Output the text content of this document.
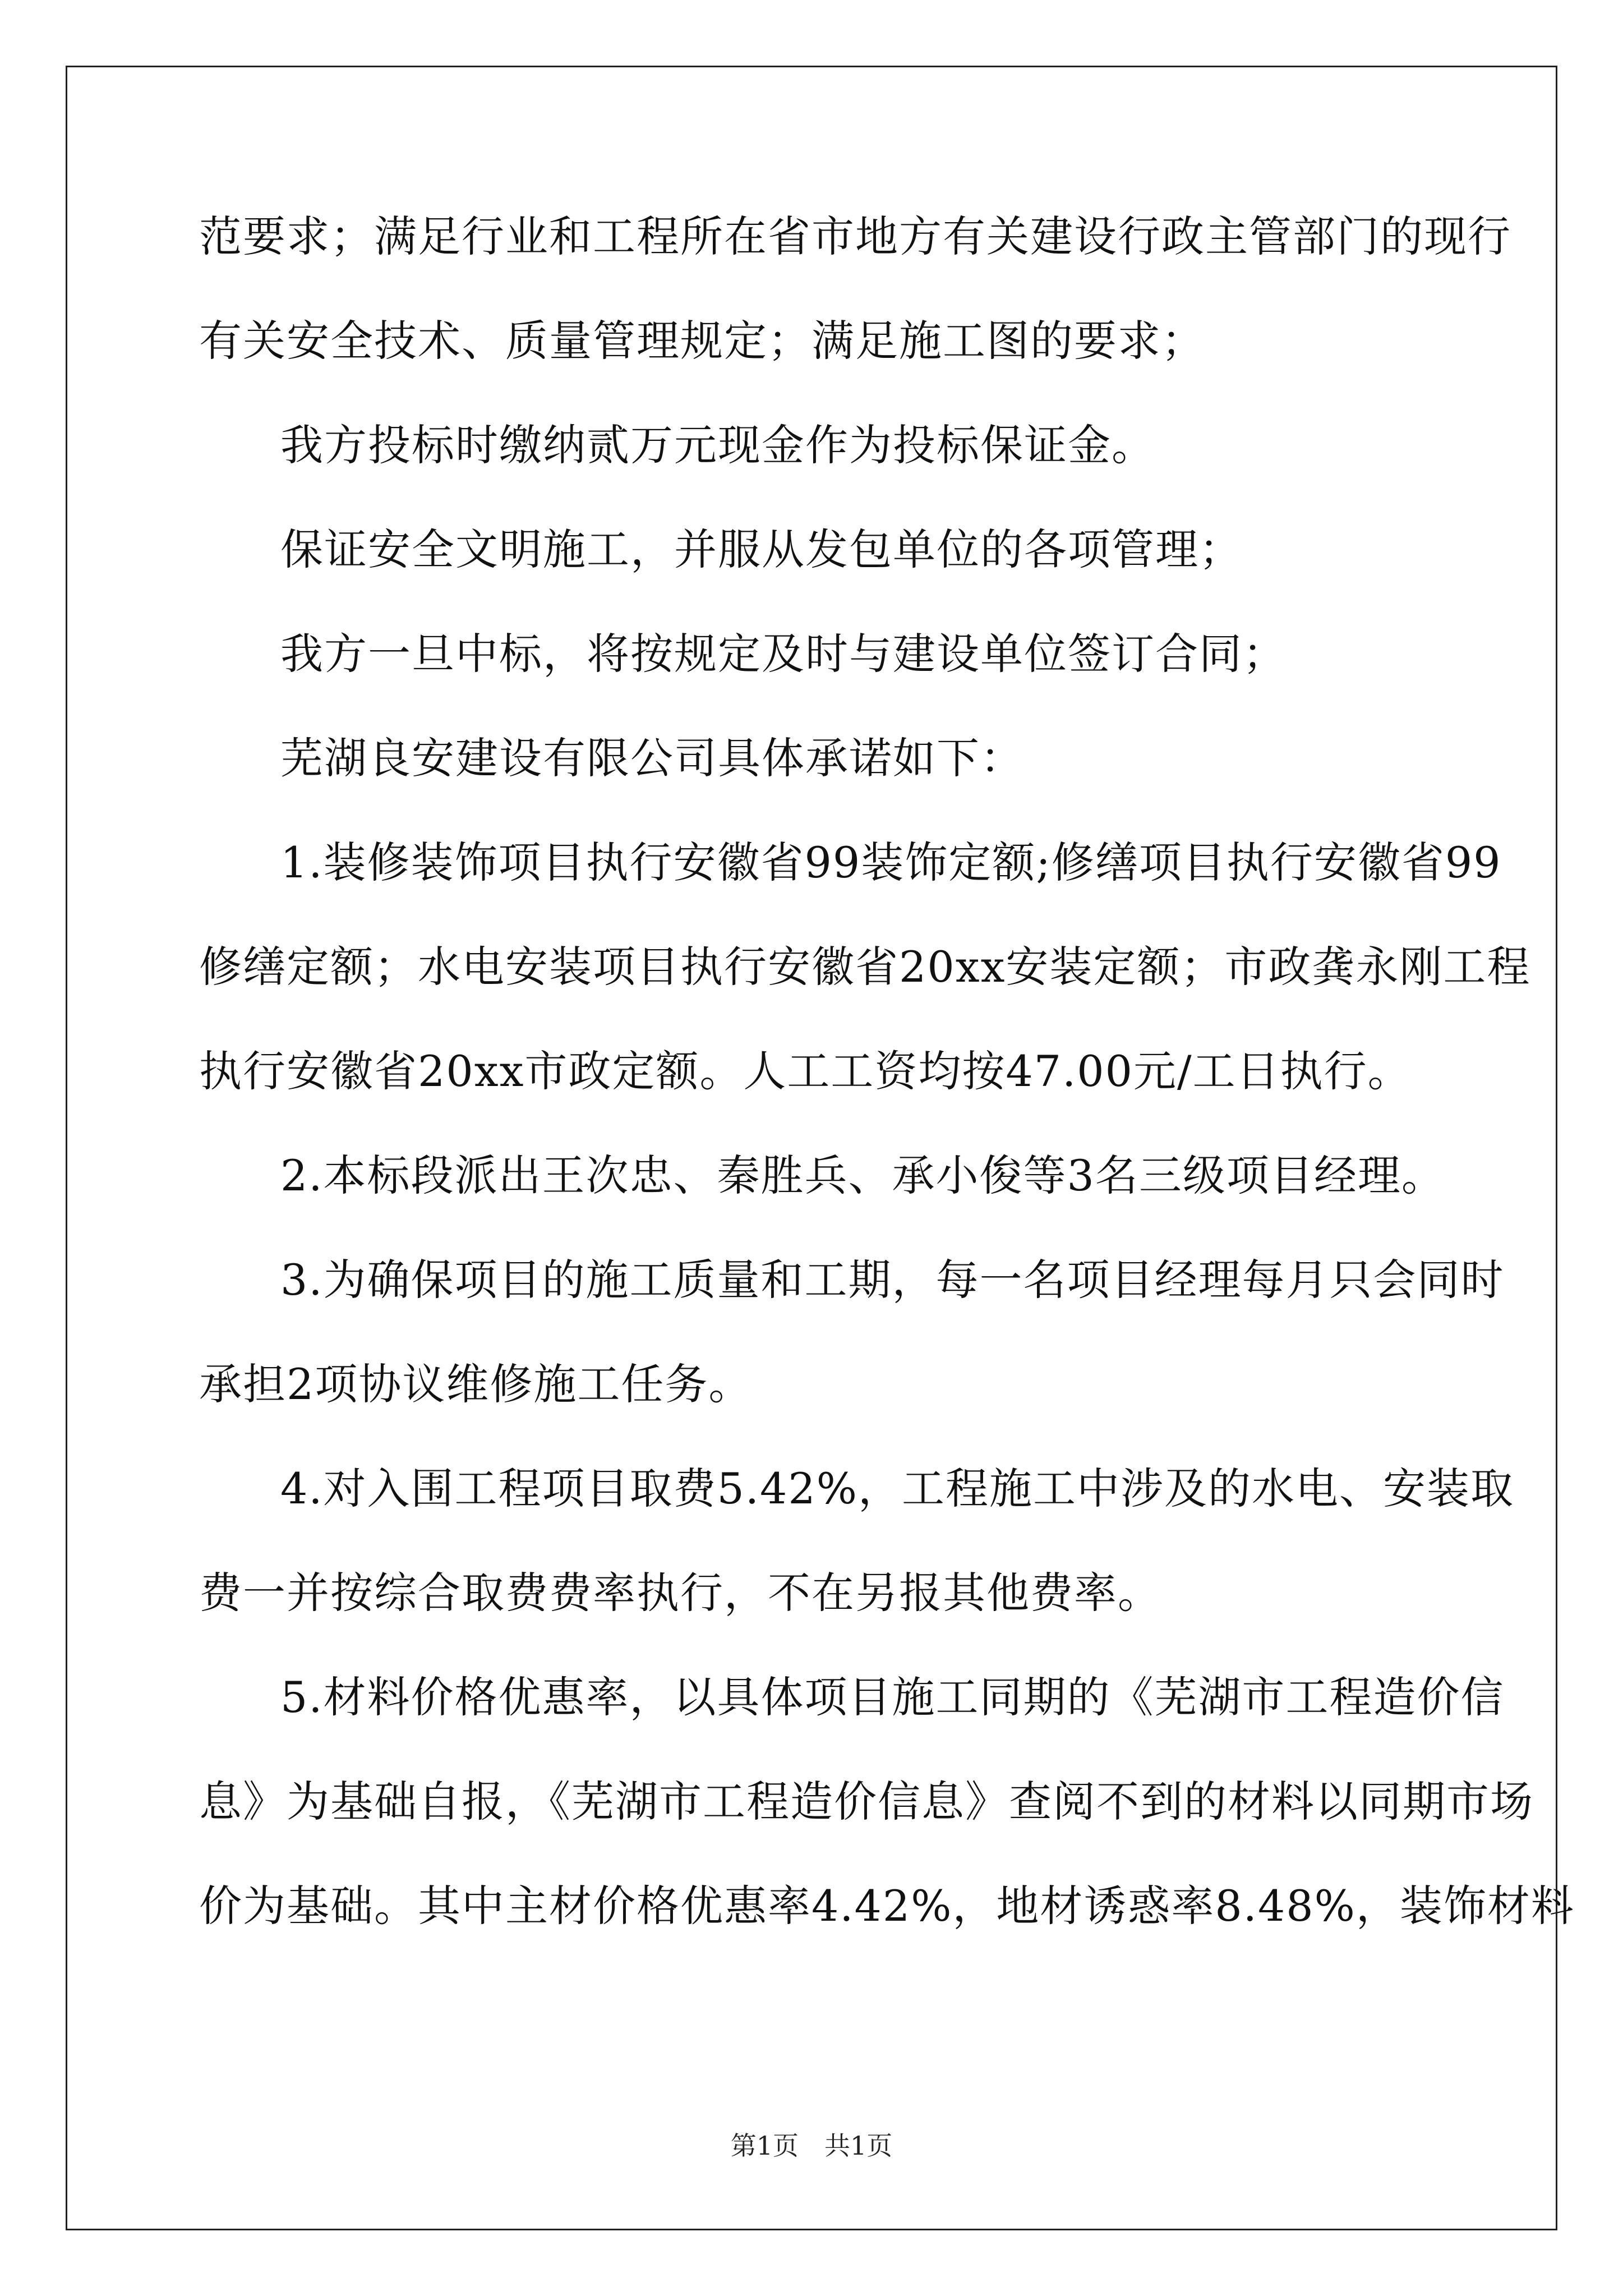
范要求；满足行业和工程所在省市地方有关建设行政主管部门的现行
有关安全技术、质量管理规定；满足施工图的要求；
我方投标时缴纳贰万元现金作为投标保证金。
保证安全文明施工，并服从发包单位的各项管理；
我方一旦中标，将按规定及时与建设单位签订合同；
芜湖良安建设有限公司具体承诺如下：
1.装修装饰项目执行安徽省99装饰定额;修缮项目执行安徽省99
修缮定额；水电安装项目执行安徽省20xx安装定额；市政龚永刚工程
执行安徽省20xx市政定额。人工工资均按47.00元/工日执行。
2.本标段派出王次忠、秦胜兵、承小俊等3名三级项目经理。
3.为确保项目的施工质量和工期，每一名项目经理每月只会同时
承担2项协议维修施工任务。
4.对入围工程项目取费5.42%，工程施工中涉及的水电、安装取
费一并按综合取费费率执行，不在另报其他费率。
5.材料价格优惠率，以具体项目施工同期的《芜湖市工程造价信
息》为基础自报，《芜湖市工程造价信息》查阅不到的材料以同期市场
价为基础。其中主材价格优惠率4.42%，地材诱惑率8.48%，装饰材料
第1页　共1页
